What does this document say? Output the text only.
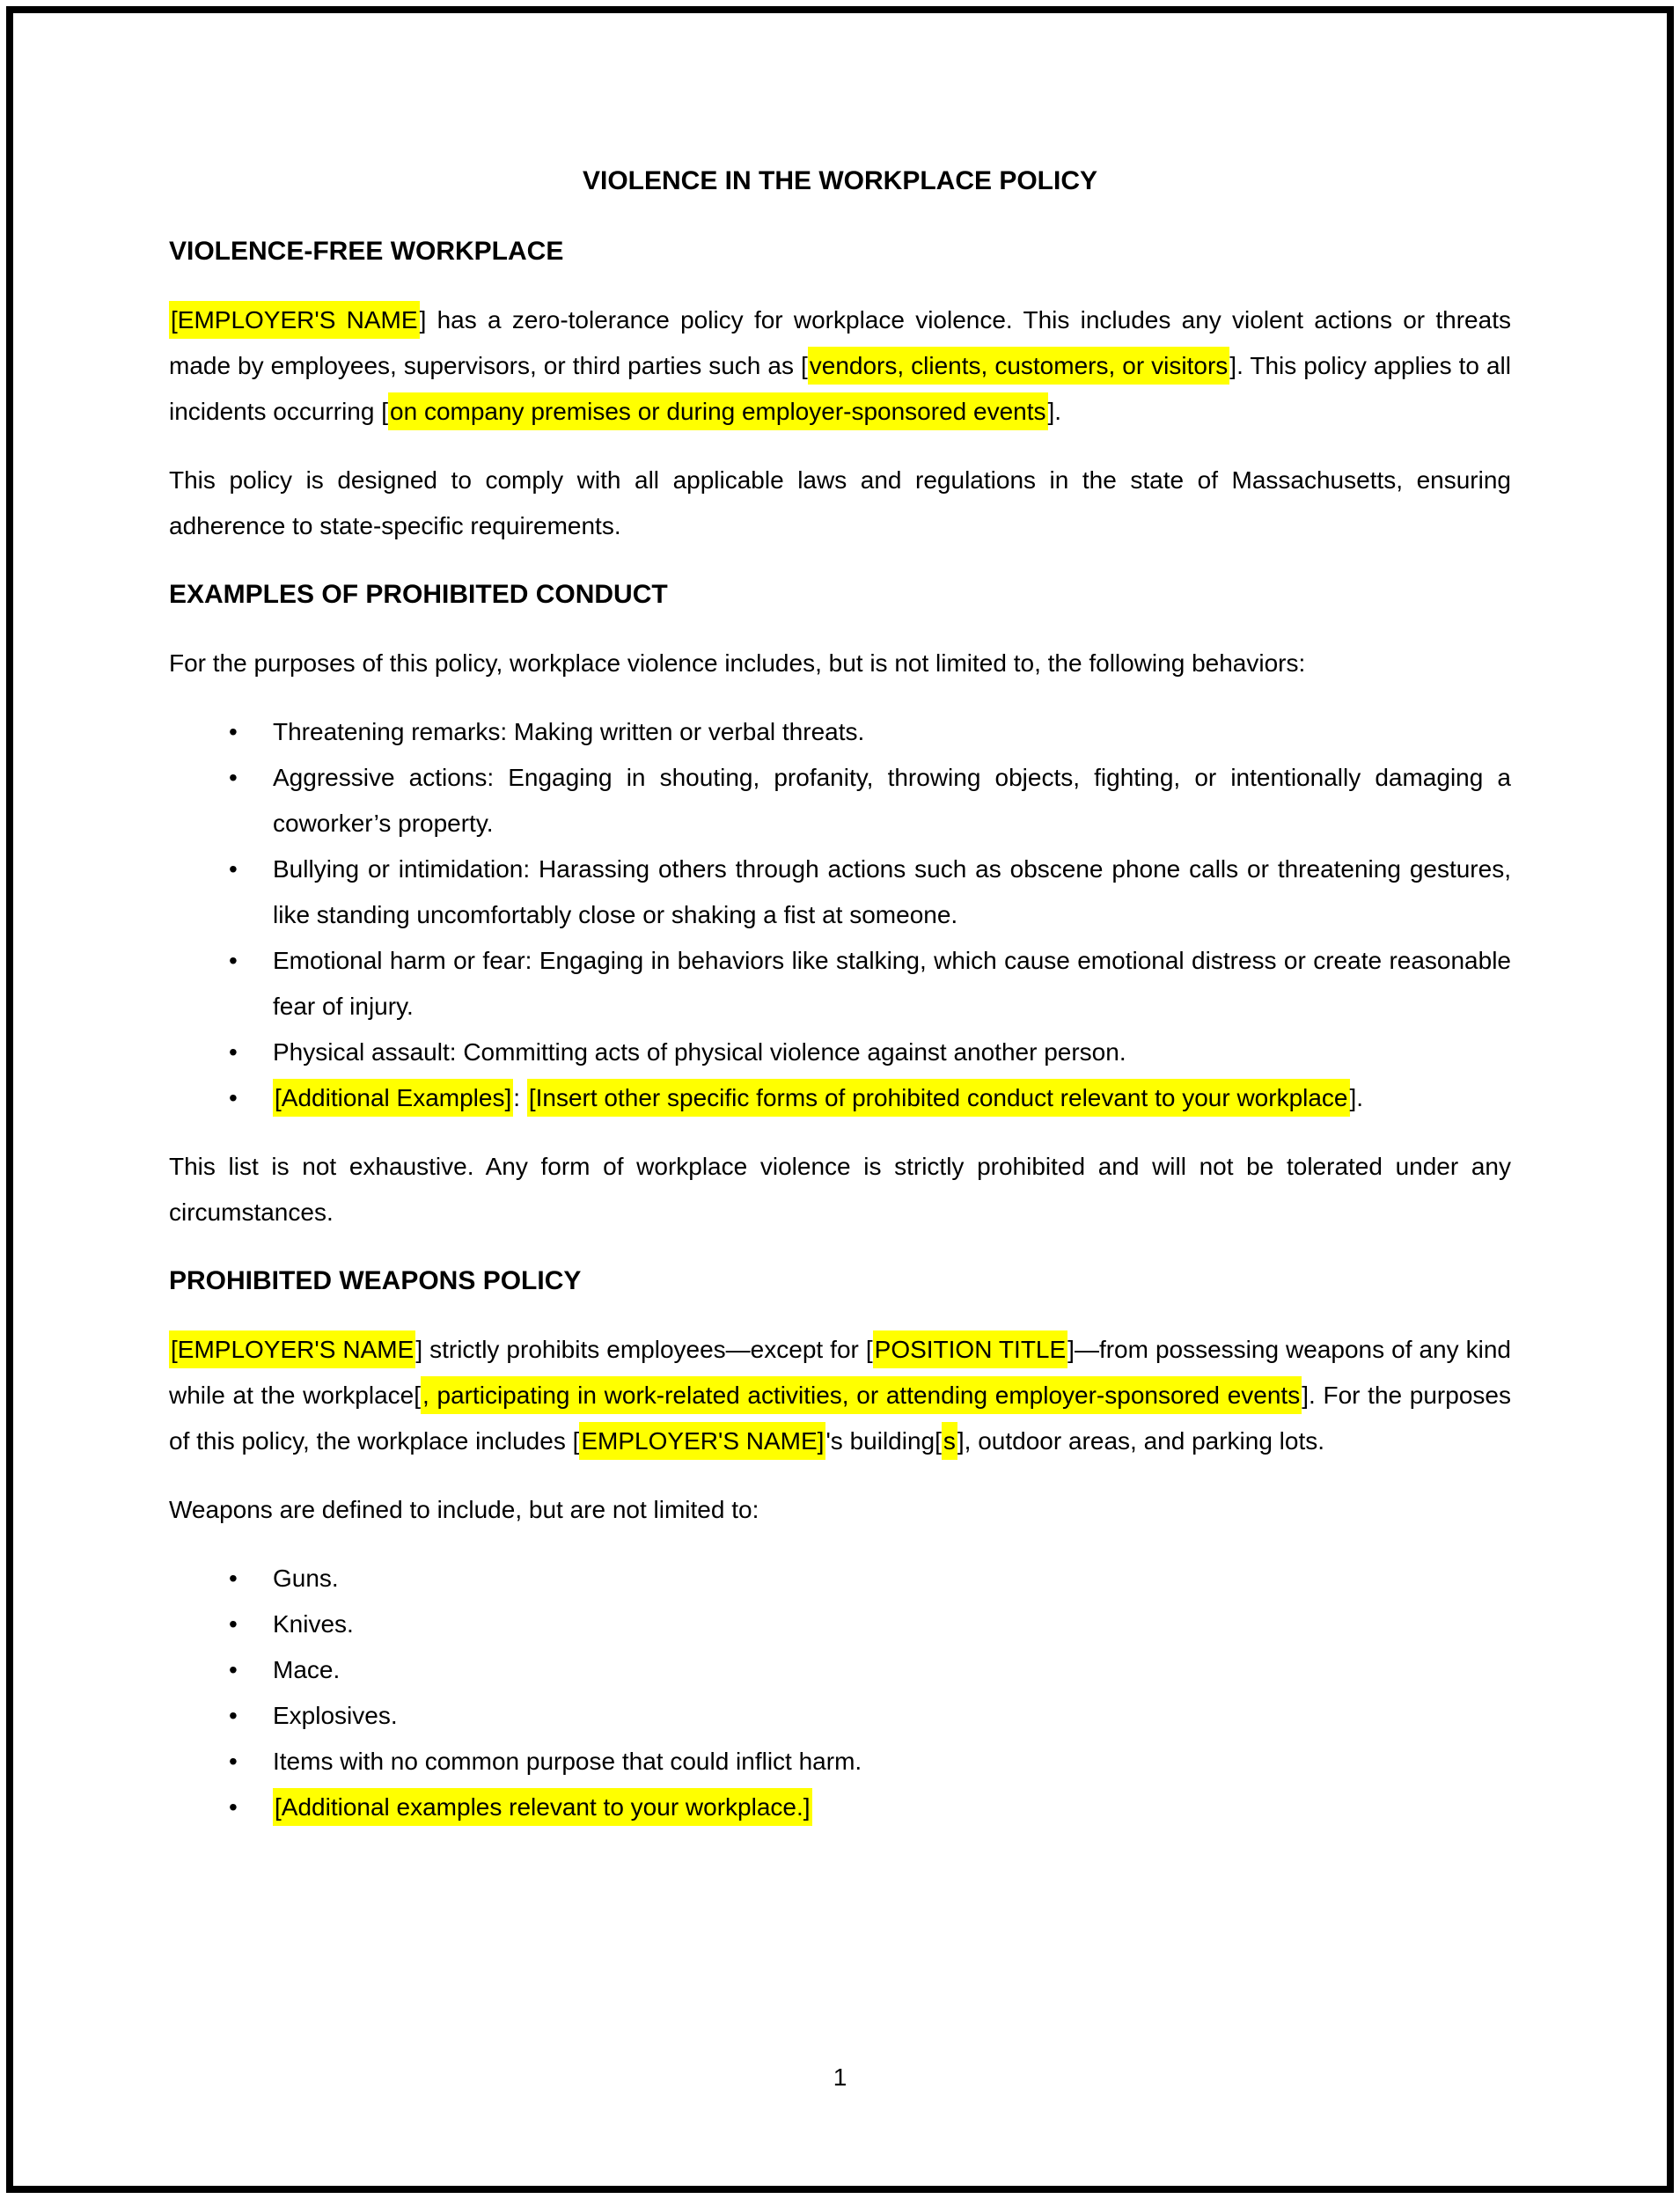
VIOLENCE IN THE WORKPLACE POLICY
VIOLENCE-FREE WORKPLACE

[EMPLOYER'S NAME] has a zero-tolerance policy for workplace violence. This includes any violent actions or threats made by employees, supervisors, or third parties such as [vendors, clients, customers, or visitors]. This policy applies to all incidents occurring [on company premises or during employer-sponsored events].

This policy is designed to comply with all applicable laws and regulations in the state of Massachusetts, ensuring adherence to state-specific requirements.

EXAMPLES OF PROHIBITED CONDUCT

For the purposes of this policy, workplace violence includes, but is not limited to, the following behaviors:

• Threatening remarks: Making written or verbal threats.
• Aggressive actions: Engaging in shouting, profanity, throwing objects, fighting, or intentionally damaging a coworker’s property.
• Bullying or intimidation: Harassing others through actions such as obscene phone calls or threatening gestures, like standing uncomfortably close or shaking a fist at someone.
• Emotional harm or fear: Engaging in behaviors like stalking, which cause emotional distress or create reasonable fear of injury.
• Physical assault: Committing acts of physical violence against another person.
• [Additional Examples]: [Insert other specific forms of prohibited conduct relevant to your workplace].

This list is not exhaustive. Any form of workplace violence is strictly prohibited and will not be tolerated under any circumstances.

PROHIBITED WEAPONS POLICY

[EMPLOYER'S NAME] strictly prohibits employees—except for [POSITION TITLE]—from possessing weapons of any kind while at the workplace[, participating in work-related activities, or attending employer-sponsored events]. For the purposes of this policy, the workplace includes [EMPLOYER'S NAME]'s building[s], outdoor areas, and parking lots.

Weapons are defined to include, but are not limited to:

• Guns.
• Knives.
• Mace.
• Explosives.
• Items with no common purpose that could inflict harm.
• [Additional examples relevant to your workplace.]
1
